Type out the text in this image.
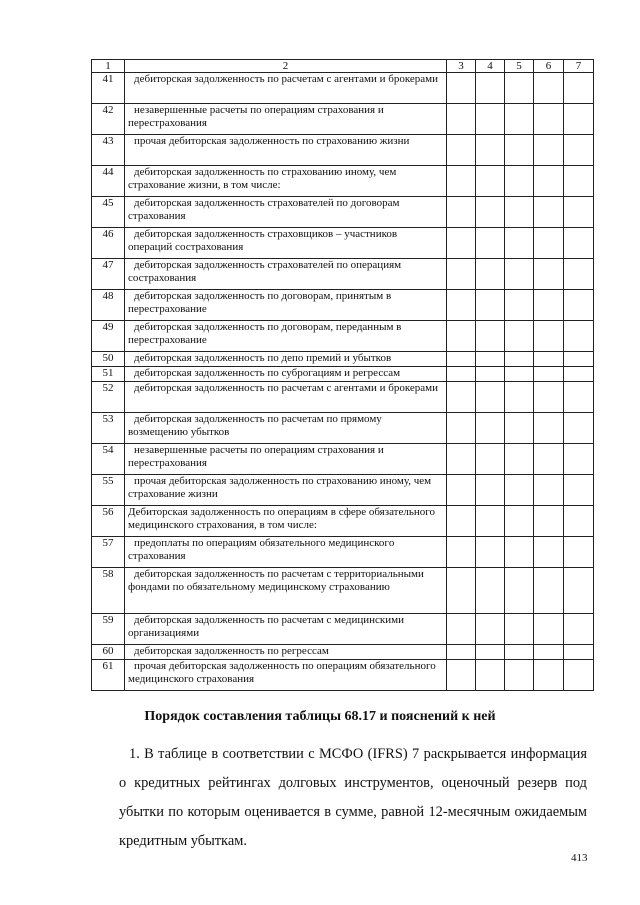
1	2	3	4	5	6	7
41	дебиторская задолженность по расчетам с агентами и брокерами					

42	незавершенные расчеты по операциям страхования и перестрахования					

43	прочая дебиторская задолженность по страхованию жизни					

44	дебиторская задолженность по страхованию иному, чем страхование жизни, в том числе:					

45	дебиторская задолженность страхователей по договорам страхования					

46	дебиторская задолженность страховщиков – участников операций сострахования					

47	дебиторская задолженность страхователей по операциям сострахования					

48	дебиторская задолженность по договорам, принятым в перестрахование					

49	дебиторская задолженность по договорам, переданным в перестрахование					

50	дебиторская задолженность по депо премий и убытков					

51	дебиторская задолженность по суброгациям и регрессам					

52	дебиторская задолженность по расчетам с агентами и брокерами					

53	дебиторская задолженность по расчетам по прямому возмещению убытков					

54	незавершенные расчеты по операциям страхования и перестрахования					

55	прочая дебиторская задолженность по страхованию иному, чем страхование жизни					

56	Дебиторская задолженность по операциям в сфере обязательного медицинского страхования, в том числе:					

57	предоплаты по операциям обязательного медицинскогo страхования					

58	дебиторская задолженность по расчетам с территориальными фондами по обязательному медицинскому страхованию					

59	дебиторская задолженность по расчетам с медицинскими организациями					

60	дебиторская задолженность по регрессам					

61	прочая дебиторская задолженность по операциям обязательного медицинского страхования					

Порядок составления таблицы 68.17 и пояснений к ней
1. В таблице в соответствии с МСФО (IFRS) 7 раскрывается информация о кредитных рейтингах долговых инструментов, оценочный резерв под убытки по которым оценивается в сумме, равной 12-месячным ожидаемым кредитным убыткам.
413
